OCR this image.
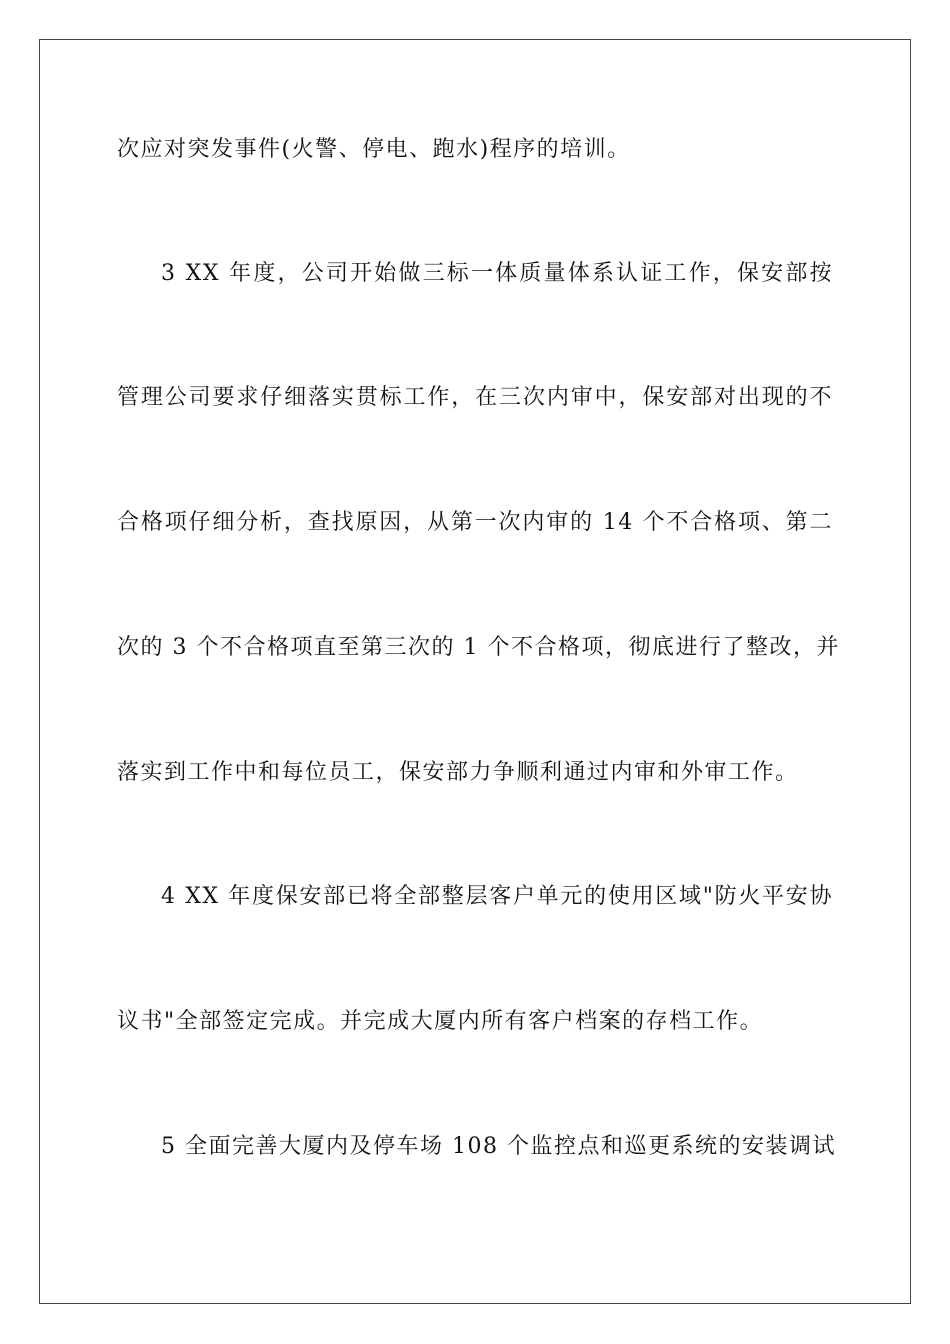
次应对突发事件(火警、停电、跑水)程序的培训。
3 XX 年度，公司开始做三标一体质量体系认证工作，保安部按
管理公司要求仔细落实贯标工作，在三次内审中，保安部对出现的不
合格项仔细分析，查找原因，从第一次内审的 14 个不合格项、第二
次的 3 个不合格项直至第三次的 1 个不合格项，彻底进行了整改，并
落实到工作中和每位员工，保安部力争顺利通过内审和外审工作。
4 XX 年度保安部已将全部整层客户单元的使用区域"防火平安协
议书"全部签定完成。并完成大厦内所有客户档案的存档工作。
5 全面完善大厦内及停车场 108 个监控点和巡更系统的安装调试
